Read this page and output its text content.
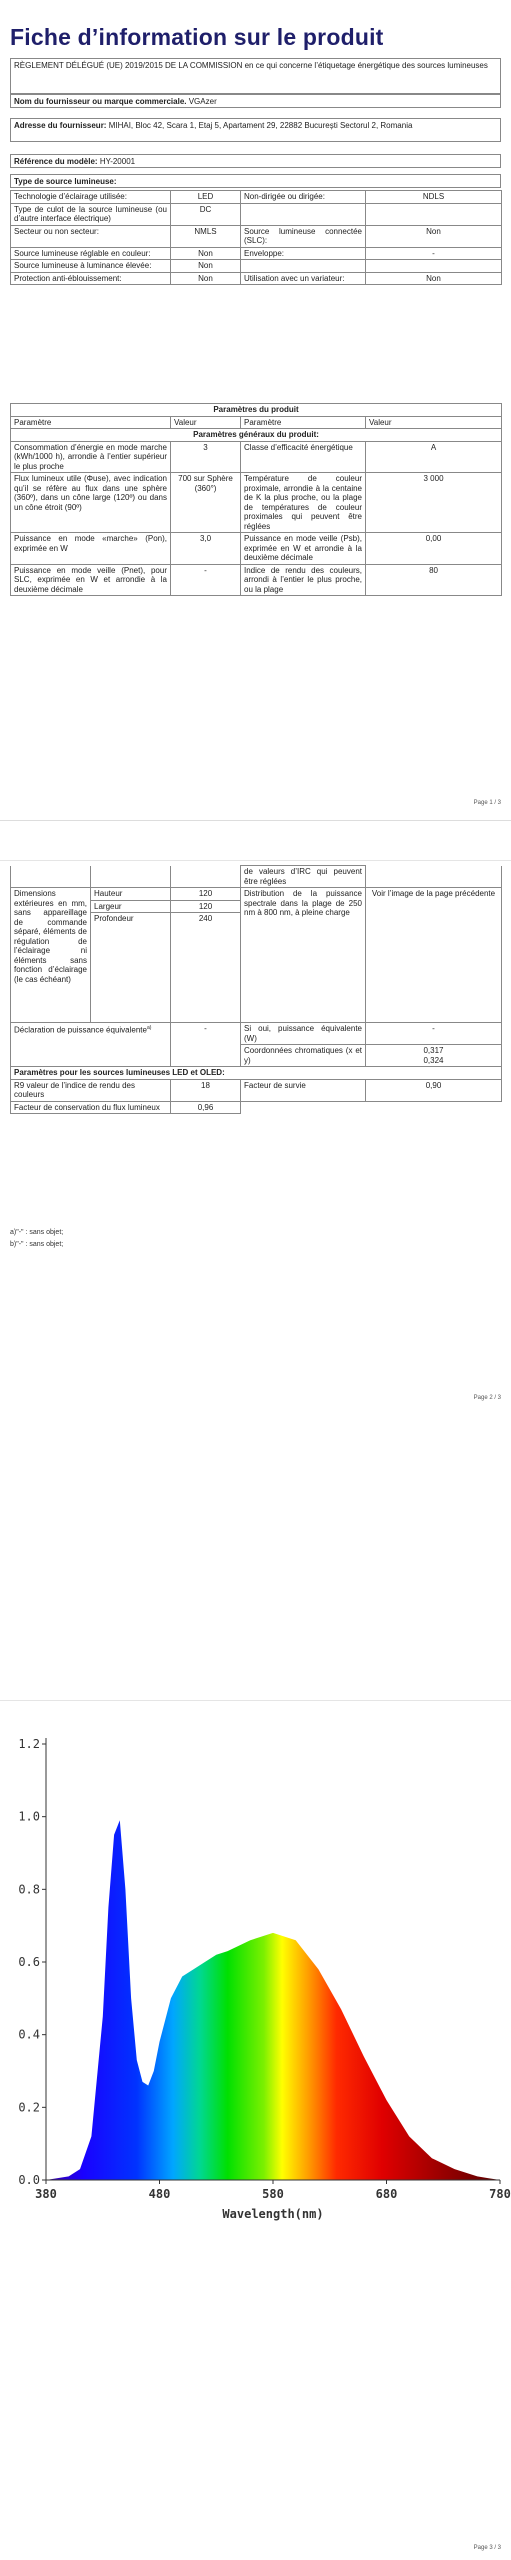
Fiche d’information sur le produit
RÈGLEMENT DÉLÉGUÉ (UE) 2019/2015 DE LA COMMISSION en ce qui concerne l’étiquetage énergétique des sources lumineuses
Nom du fournisseur ou marque commerciale. VGAzer
Adresse du fournisseur: MIHAI, Bloc 42, Scara 1, Etaj 5, Apartament 29, 22882 București Sectorul 2, Romania
Référence du modèle: HY-20001
Type de source lumineuse:
Technologie d’éclairage utilisée:	LED	Non-dirigée ou dirigée:	NDLS
Type de culot de la source lumineuse (ou d’autre interface électrique)	DC		
Secteur ou non secteur:	NMLS	Source lumineuse connectée (SLC):	Non
Source lumineuse réglable en couleur:	Non	Enveloppe:	-
Source lumineuse à luminance élevée:	Non		
Protection anti-éblouissement:	Non	Utilisation avec un variateur:	Non
Paramètres du produit			
Paramètre	Valeur	Paramètre	Valeur
Paramètres généraux du produit:			
Consommation d’énergie en mode marche (kWh/1000 h), arrondie à l’entier supérieur le plus proche	3	Classe d’efficacité énergétique	A
Flux lumineux utile (Φuse), avec indication qu’il se réfère au flux dans une sphère (360º), dans un cône large (120º) ou dans un cône étroit (90º)	700 sur Sphère (360°)	Température de couleur proximale, arrondie à la centaine de K la plus proche, ou la plage de températures de couleur proximales qui peuvent être réglées	3 000
Puissance en mode «marche» (Pon), exprimée en W	3,0	Puissance en mode veille (Psb), exprimée en W et arrondie à la deuxième décimale	0,00
Puissance en mode veille (Pnet), pour SLC, exprimée en W et arrondie à la deuxième décimale	-	Indice de rendu des couleurs, arrondi à l’entier le plus proche, ou la plage	80
Page 1 / 3
			de valeurs d’IRC qui peuvent être réglées	
Dimensions extérieures en mm, sans appareillage de commande séparé, éléments de régulation de l’éclairage ni éléments sans fonction d’éclairage (le cas échéant)	Hauteur	120	Distribution de la puissance spectrale dans la plage de 250 nm à 800 nm, à pleine charge	Voir l’image de la page précédente
	Largeur	120		
	Profondeur	240		
Déclaration de puissance équivalente$^{a)}$		-	Si oui, puissance équivalente (W)	-
			Coordonnées chromatiques (x et y)	0,317
0,324

Paramètres pour les sources lumineuses LED et OLED:				
R9 valeur de l’indice de rendu des couleurs		18	Facteur de survie	0,90
Facteur de conservation du flux lumineux		0,96		
a)"-" : sans objet;
b)"-" : sans objet;
Page 2 / 3
0.0
0.2
0.4
0.6
0.8
1.0
1.2
380	480	580	680	780
Wavelength(nm)
Page 3 / 3
